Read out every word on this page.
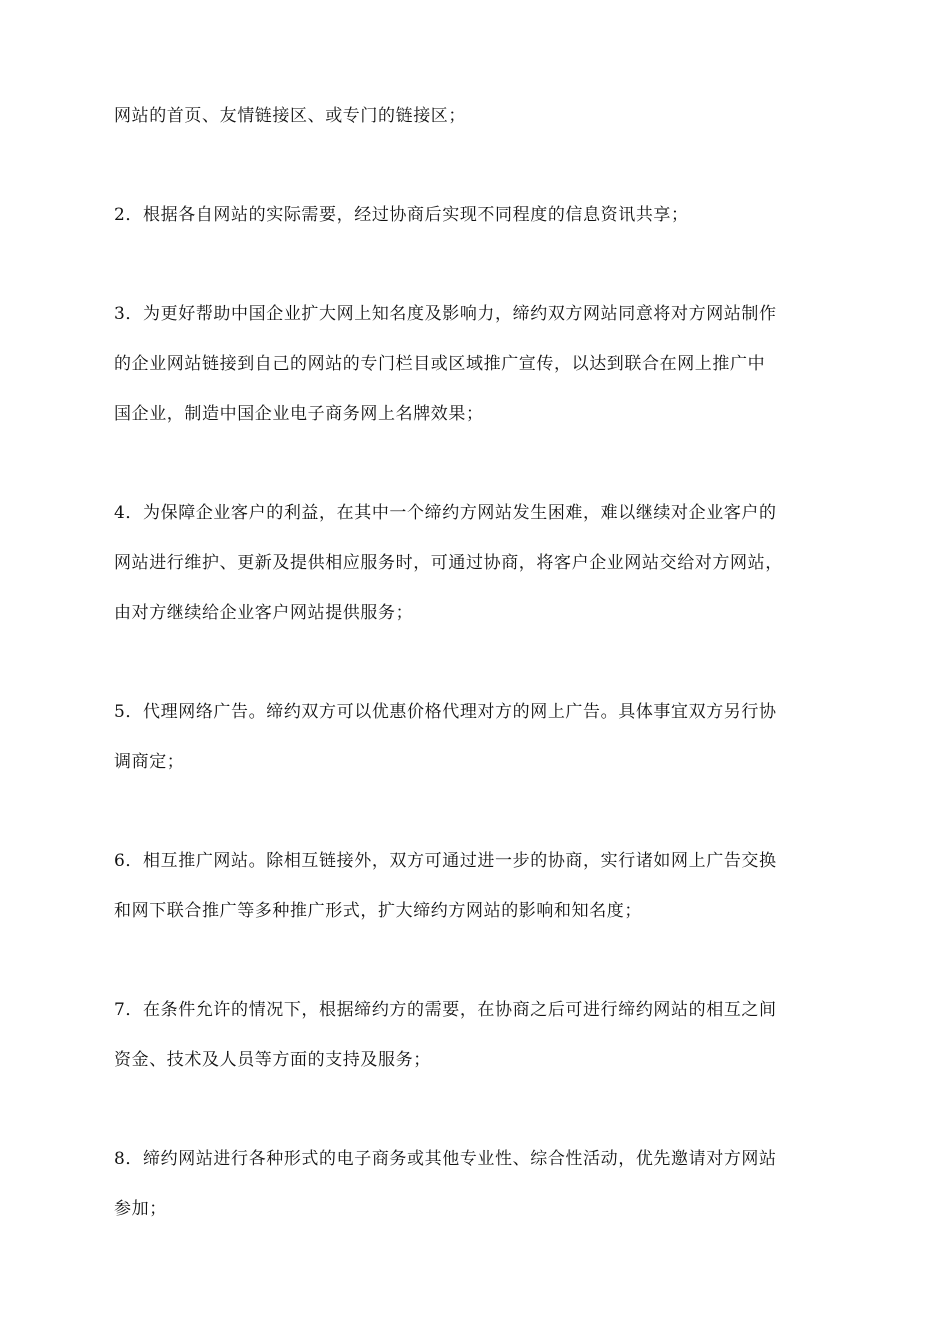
网站的首页、友情链接区、或专门的链接区；
2．根据各自网站的实际需要，经过协商后实现不同程度的信息资讯共享；
3．为更好帮助中国企业扩大网上知名度及影响力，缔约双方网站同意将对方网站制作
的企业网站链接到自己的网站的专门栏目或区域推广宣传，以达到联合在网上推广中
国企业，制造中国企业电子商务网上名牌效果；
4．为保障企业客户的利益，在其中一个缔约方网站发生困难，难以继续对企业客户的
网站进行维护、更新及提供相应服务时，可通过协商，将客户企业网站交给对方网站，
由对方继续给企业客户网站提供服务；
5．代理网络广告。缔约双方可以优惠价格代理对方的网上广告。具体事宜双方另行协
调商定；
6．相互推广网站。除相互链接外，双方可通过进一步的协商，实行诸如网上广告交换
和网下联合推广等多种推广形式，扩大缔约方网站的影响和知名度；
7．在条件允许的情况下，根据缔约方的需要，在协商之后可进行缔约网站的相互之间
资金、技术及人员等方面的支持及服务；
8．缔约网站进行各种形式的电子商务或其他专业性、综合性活动，优先邀请对方网站
参加；
